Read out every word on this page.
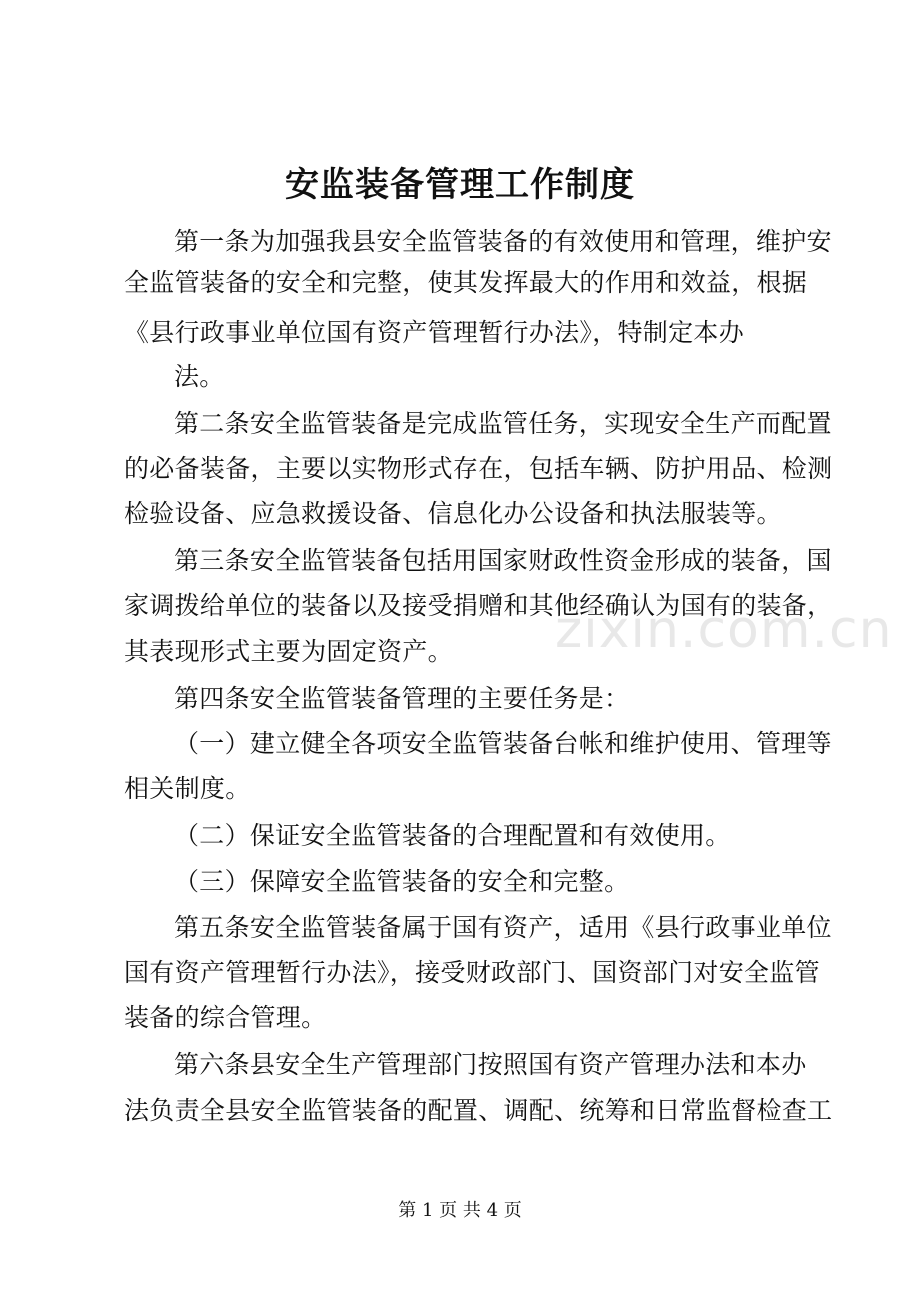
安监装备管理工作制度
第一条为加强我县安全监管装备的有效使用和管理，维护安
全监管装备的安全和完整，使其发挥最大的作用和效益，根据
《县行政事业单位国有资产管理暂行办法》，特制定本办
法。
第二条安全监管装备是完成监管任务，实现安全生产而配置
的必备装备，主要以实物形式存在，包括车辆、防护用品、检测
检验设备、应急救援设备、信息化办公设备和执法服装等。
第三条安全监管装备包括用国家财政性资金形成的装备，国
家调拨给单位的装备以及接受捐赠和其他经确认为国有的装备，
其表现形式主要为固定资产。
第四条安全监管装备管理的主要任务是：
（一）建立健全各项安全监管装备台帐和维护使用、管理等
相关制度。
（二）保证安全监管装备的合理配置和有效使用。
（三）保障安全监管装备的安全和完整。
第五条安全监管装备属于国有资产，适用《县行政事业单位
国有资产管理暂行办法》，接受财政部门、国资部门对安全监管
装备的综合管理。
第六条县安全生产管理部门按照国有资产管理办法和本办
法负责全县安全监管装备的配置、调配、统筹和日常监督检查工
zixin.com.cn
第 1 页 共 4 页
